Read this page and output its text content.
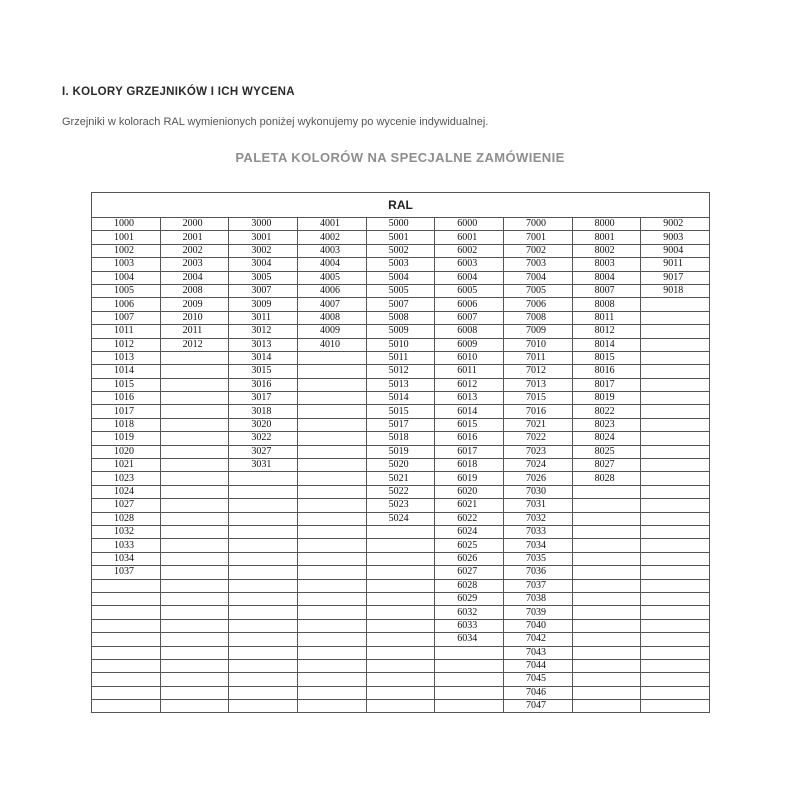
I. KOLORY GRZEJNIKÓW I ICH WYCENA

Grzejniki w kolorach RAL wymienionych poniżej wykonujemy po wycenie indywidualnej.

PALETA KOLORÓW NA SPECJALNE ZAMÓWIENIE
RAL								
1000	2000	3000	4001	5000	6000	7000	8000	9002
1001	2001	3001	4002	5001	6001	7001	8001	9003
1002	2002	3002	4003	5002	6002	7002	8002	9004
1003	2003	3004	4004	5003	6003	7003	8003	9011
1004	2004	3005	4005	5004	6004	7004	8004	9017
1005	2008	3007	4006	5005	6005	7005	8007	9018
1006	2009	3009	4007	5007	6006	7006	8008	
1007	2010	3011	4008	5008	6007	7008	8011	
1011	2011	3012	4009	5009	6008	7009	8012	
1012	2012	3013	4010	5010	6009	7010	8014	
1013		3014		5011	6010	7011	8015	
1014		3015		5012	6011	7012	8016	
1015		3016		5013	6012	7013	8017	
1016		3017		5014	6013	7015	8019	
1017		3018		5015	6014	7016	8022	
1018		3020		5017	6015	7021	8023	
1019		3022		5018	6016	7022	8024	
1020		3027		5019	6017	7023	8025	
1021		3031		5020	6018	7024	8027	
1023				5021	6019	7026	8028	
1024				5022	6020	7030		
1027				5023	6021	7031		
1028				5024	6022	7032		
1032					6024	7033		
1033					6025	7034		
1034					6026	7035		
1037					6027	7036		
					6028	7037		
					6029	7038		
					6032	7039		
					6033	7040		
					6034	7042		
						7043		
						7044		
						7045		
						7046		
						7047		
